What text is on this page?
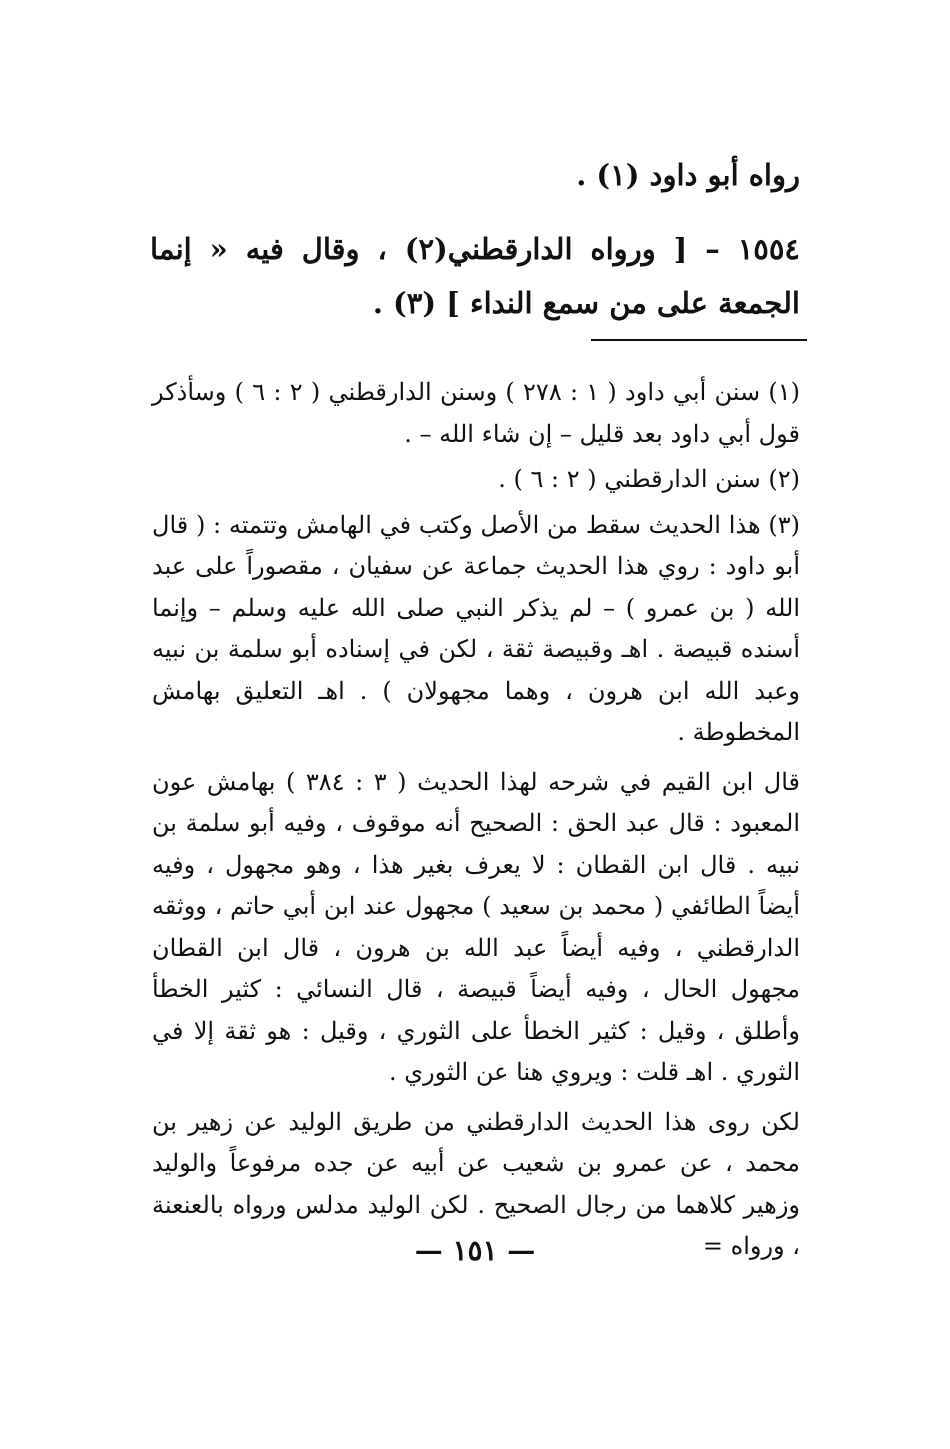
رواه أبو داود (١) .

١٥٥٤ – [ ورواه الدارقطني(٢) ، وقال فيه « إنما الجمعة على من سمع النداء ] (٣) .

(١) سنن أبي داود ( ١ : ٢٧٨ ) وسنن الدارقطني ( ٢ : ٦ ) وسأذكر قول أبي داود بعد قليل – إن شاء الله – .

(٢) سنن الدارقطني ( ٢ : ٦ ) .

(٣) هذا الحديث سقط من الأصل وكتب في الهامش وتتمته : ( قال أبو داود : روي هذا الحديث جماعة عن سفيان ، مقصوراً على عبد الله ( بن عمرو ) – لم يذكر النبي صلى الله عليه وسلم – وإنما أسنده قبيصة . اهـ وقبيصة ثقة ، لكن في إسناده أبو سلمة بن نبيه وعبد الله ابن هرون ، وهما مجهولان ) . اهـ التعليق بهامش المخطوطة .

قال ابن القيم في شرحه لهذا الحديث ( ٣ : ٣٨٤ ) بهامش عون المعبود : قال عبد الحق : الصحيح أنه موقوف ، وفيه أبو سلمة بن نبيه . قال ابن القطان : لا يعرف بغير هذا ، وهو مجهول ، وفيه أيضاً الطائفي ( محمد بن سعيد ) مجهول عند ابن أبي حاتم ، ووثقه الدارقطني ، وفيه أيضاً عبد الله بن هرون ، قال ابن القطان مجهول الحال ، وفيه أيضاً قبيصة ، قال النسائي : كثير الخطأ وأطلق ، وقيل : كثير الخطأ على الثوري ، وقيل : هو ثقة إلا في الثوري . اهـ قلت : ويروي هنا عن الثوري .

لكن روى هذا الحديث الدارقطني من طريق الوليد عن زهير بن محمد ، عن عمرو بن شعيب عن أبيه عن جده مرفوعاً والوليد وزهير كلاهما من رجال الصحيح . لكن الوليد مدلس ورواه بالعنعنة ، ورواه =

— ١٥١ —
